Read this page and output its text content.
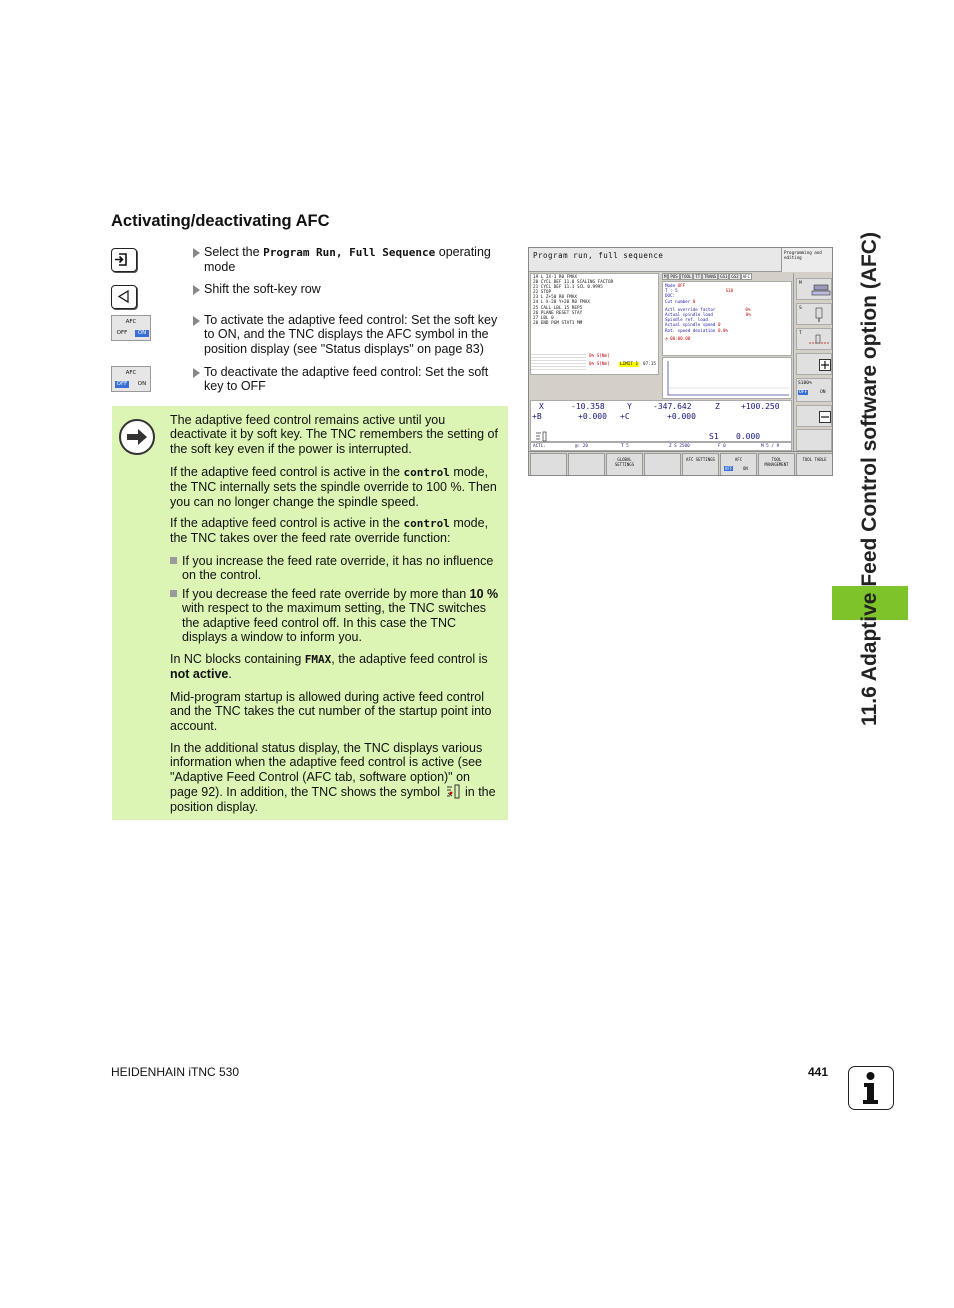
Activating/deactivating AFC
AFC
OFF	ON
AFC
OFF	ON
Select the Program Run, Full Sequence operating mode
Shift the soft-key row
To activate the adaptive feed control: Set the soft key to ON, and the TNC displays the AFC symbol in the position display (see "Status displays" on page 83)
To deactivate the adaptive feed control: Set the soft key to OFF
The adaptive feed control remains active until you deactivate it by soft key. The TNC remembers the setting of the soft key even if the power is interrupted.
If the adaptive feed control is active in the control mode, the TNC internally sets the spindle override to 100 %. Then you can no longer change the spindle speed.
If the adaptive feed control is active in the control mode, the TNC takes over the feed rate override function:
If you increase the feed rate override, it has no influence on the control.
If you decrease the feed rate override by more than 10 % with respect to the maximum setting, the TNC switches the adaptive feed control off. In this case the TNC displays a window to inform you.
In NC blocks containing FMAX, the adaptive feed control is not active.
Mid-program startup is allowed during active feed control and the TNC takes the cut number of the startup point into account.
In the additional status display, the TNC displays various information when the adaptive feed control is active (see "Adaptive Feed Control (AFC tab, software option)" on page 92). In addition, the TNC shows the symbol  in the position display.
Program run, full sequence	Programming and editing
19 L IX-1 R0 FMAX
20 CYCL DEF 11.0 SCALING FACTOR
21 CYCL DEF 11.1 SCL 0.9995
22 STOP
23 L Z+50 R0 FMAX
24 L X-20 Y+20 R0 FMAX
25 CALL LBL 15 REP5
26 PLANE RESET STAY
27 LBL 0
28 END PGM STAT1 MM
0% S[Nm]
0% S[Nm] LIMIT 1 07:15
M POS TOOL TT TRANS GS1 GS2 AFC
Mode OFF
T : 5	S10
DOC:
Cut number 0
Actl override factor	0%
Actual spindle load	0%
Spindle ref. load
Actual spindle speed 0
Rot. speed deviation 0.0%
◔ 00:00:00
M
S
T
S100%
OFF	ON
X	-10.358	Y	-347.642	Z	+100.250
+B	+0.000 +C	+0.000
S1 0.000
ACTL.	@: 20	T 5	Z S 2500	F 0	M 5 / 9
GLOBAL SETTINGS
AFC SETTINGS	AFC
OFF	ON
TOOL MANAGEMENT
TOOL TABLE	11.6 Adaptive Feed Control software option (AFC)
HEIDENHAIN iTNC 530	441
